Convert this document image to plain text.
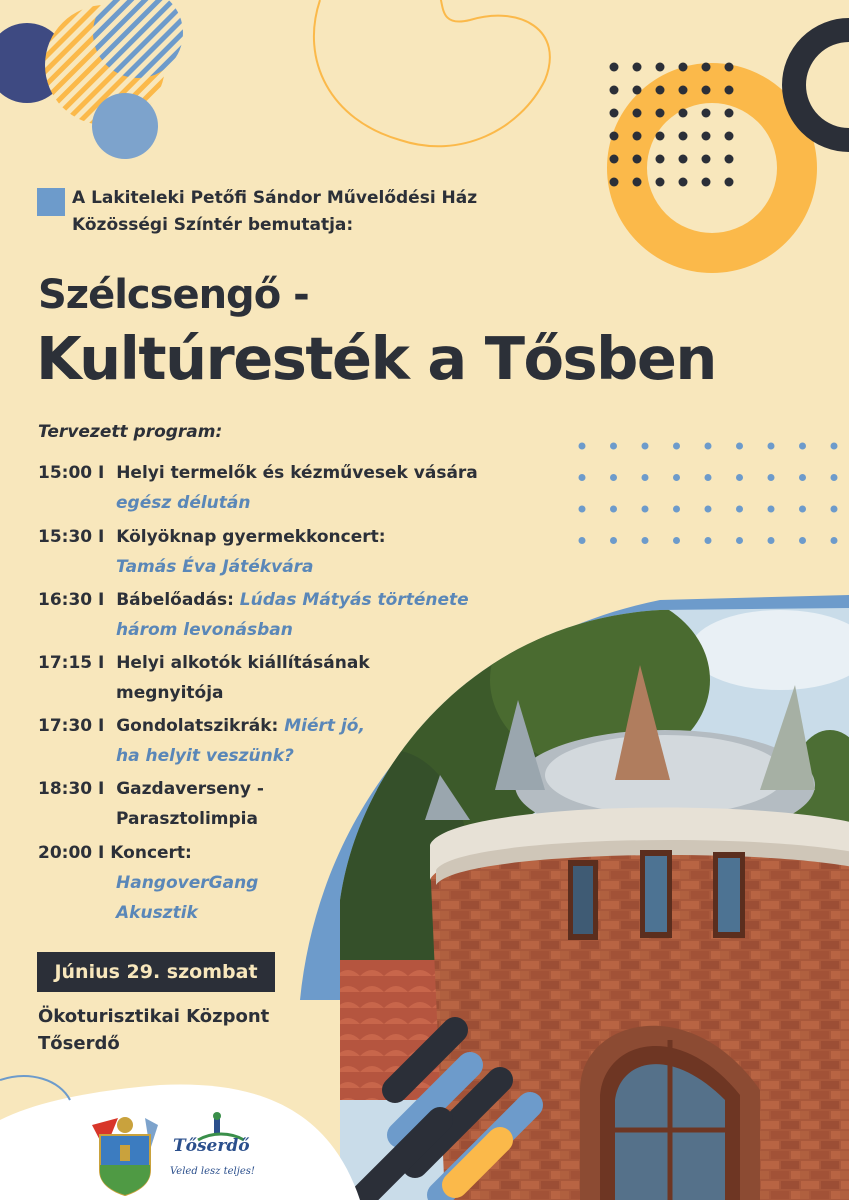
A Lakiteleki Petőfi Sándor Művelődési Ház
Közösségi Színtér bemutatja:
Szélcsengő -
Kultúresték a Tősben
Tervezett program:
15:00 I Helyi termelők és kézművesek vására
egész délután
15:30 I Kölyöknap gyermekkoncert:
Tamás Éva Játékvára
16:30 I Bábelőadás: Lúdas Mátyás története
három levonásban
17:15 I Helyi alkotók kiállításának
megnyitója
17:30 I Gondolatszikrák: Miért jó,
ha helyit veszünk?
18:30 I Gazdaverseny -
Parasztolimpia
20:00 I Koncert:
HangoverGang
Akusztik
Június 29. szombat
Ökoturisztikai Központ
Tőserdő
Tőserdő
Veled lesz teljes!
